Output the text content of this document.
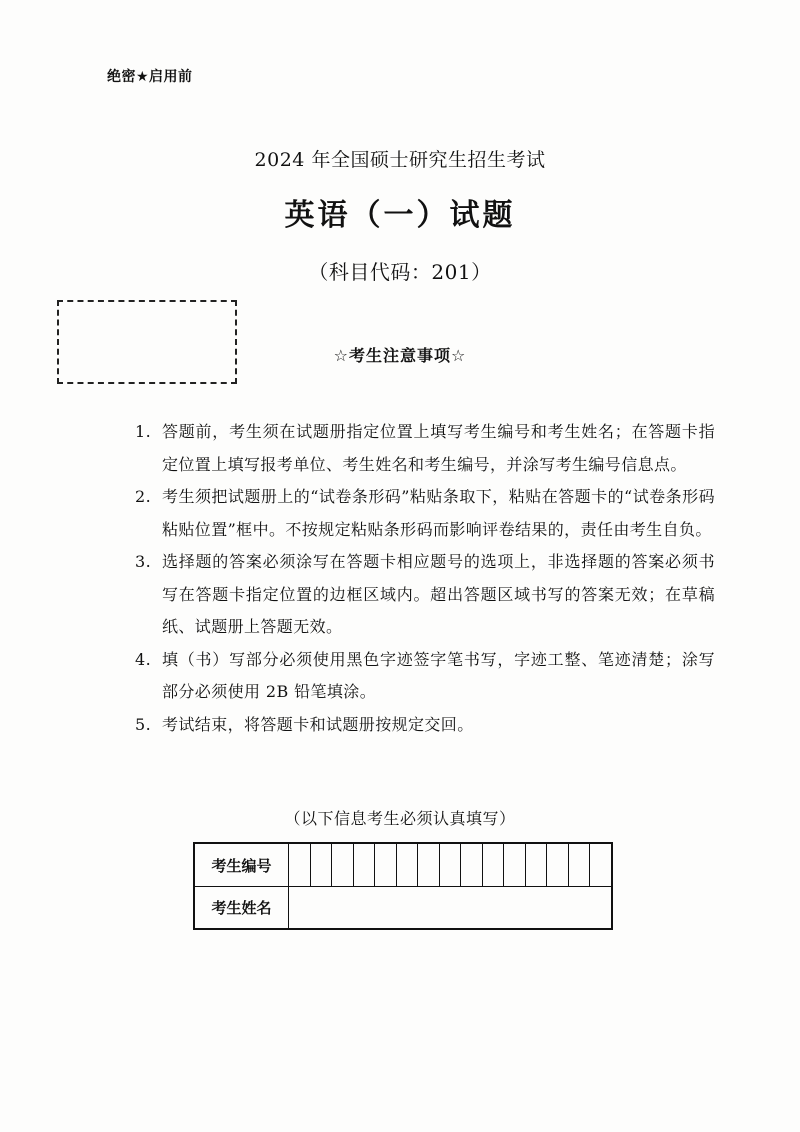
绝密★启用前
2024 年全国硕士研究生招生考试
英语（一）试题
（科目代码：201）
☆考生注意事项☆
1. 答题前，考生须在试题册指定位置上填写考生编号和考生姓名；在答题卡指定位置上填写报考单位、考生姓名和考生编号，并涂写考生编号信息点。
2. 考生须把试题册上的“试卷条形码”粘贴条取下，粘贴在答题卡的“试卷条形码粘贴位置”框中。不按规定粘贴条形码而影响评卷结果的，责任由考生自负。
3. 选择题的答案必须涂写在答题卡相应题号的选项上，非选择题的答案必须书写在答题卡指定位置的边框区域内。超出答题区域书写的答案无效；在草稿纸、试题册上答题无效。
4. 填（书）写部分必须使用黑色字迹签字笔书写，字迹工整、笔迹清楚；涂写部分必须使用 2B 铅笔填涂。
5. 考试结束，将答题卡和试题册按规定交回。
（以下信息考生必须认真填写）
考生编号
考生姓名
